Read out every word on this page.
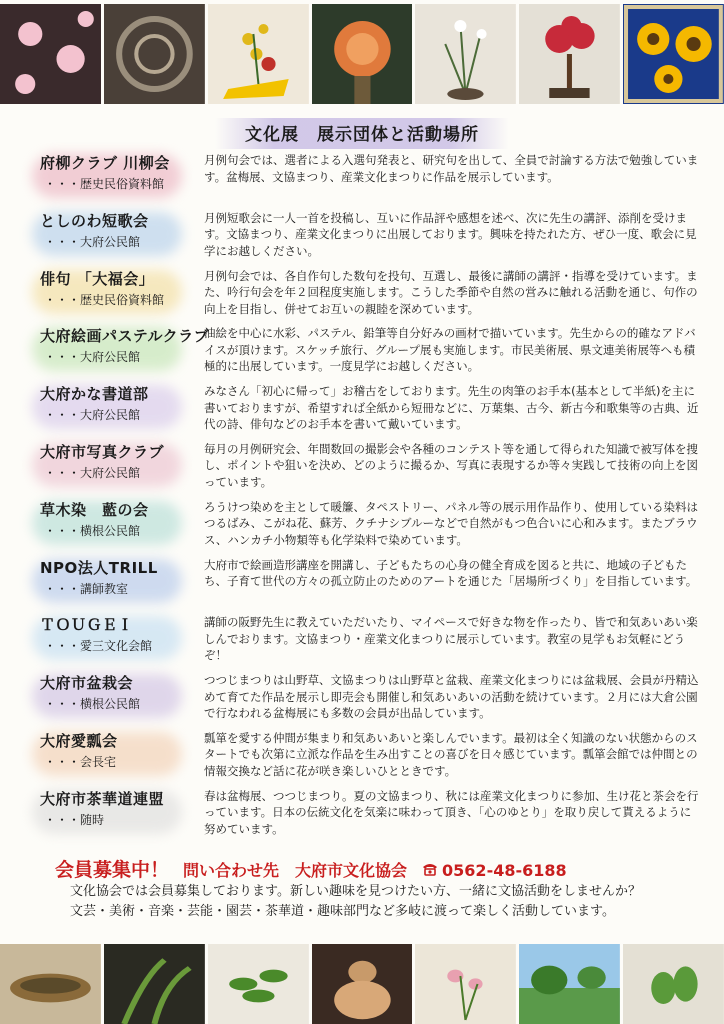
文化展　展示団体と活動場所
府柳クラブ 川柳会
・・・歴史民俗資料館
月例句会では、選者による入選句発表と、研究句を出して、全員で討論する方法で勉強しています。盆梅展、文協まつり、産業文化まつりに作品を展示しています。
としのわ短歌会
・・・大府公民館
月例短歌会に一人一首を投稿し、互いに作品評や感想を述べ、次に先生の講評、添削を受けます。文協まつり、産業文化まつりに出展しております。興味を持たれた方、ぜひ一度、歌会に見学にお越しください。
俳句 「大福会」
・・・歴史民俗資料館
月例句会では、各自作句した数句を投句、互選し、最後に講師の講評・指導を受けています。また、吟行句会を年２回程度実施します。こうした季節や自然の営みに触れる活動を通じ、句作の向上を目指し、併せてお互いの親睦を深めています。
大府絵画パステルクラブ
・・・大府公民館
油絵を中心に水彩、パステル、鉛筆等自分好みの画材で描いています。先生からの的確なアドバイスが頂けます。スケッチ旅行、グループ展も実施します。市民美術展、県文連美術展等へも積極的に出展しています。一度見学にお越しください。
大府かな書道部
・・・大府公民館
みなさん「初心に帰って」お稽古をしております。先生の肉筆のお手本(基本として半紙)を主に書いておりますが、希望すれば全紙から短冊などに、万葉集、古今、新古今和歌集等の古典、近代の詩、俳句などのお手本を書いて戴いています。
大府市写真クラブ
・・・大府公民館
毎月の月例研究会、年間数回の撮影会や各種のコンテスト等を通して得られた知識で被写体を捜し、ポイントや狙いを決め、どのように撮るか、写真に表現するか等々実践して技術の向上を図っています。
草木染　藍の会
・・・横根公民館
ろうけつ染めを主として暖簾、タペストリー、パネル等の展示用作品作り、使用している染料はつるばみ、こがね花、蘇芳、クチナシブルーなどで自然がもつ色合いに心和みます。またブラウス、ハンカチ小物類等も化学染料で染めています。
NPO法人TRILL
・・・講師教室
大府市で絵画造形講座を開講し、子どもたちの心身の健全育成を図ると共に、地域の子どもたち、子育て世代の方々の孤立防止のためのアートを通じた「居場所づくり」を目指しています。
ＴＯＵＧＥＩ
・・・愛三文化会館
講師の阪野先生に教えていただいたり、マイペースで好きな物を作ったり、皆で和気あいあい楽しんでおります。文協まつり・産業文化まつりに展示しています。教室の見学もお気軽にどうぞ！
大府市盆栽会
・・・横根公民館
つつじまつりは山野草、文協まつりは山野草と盆栽、産業文化まつりには盆栽展、会員が丹精込めて育てた作品を展示し即売会も開催し和気あいあいの活動を続けています。２月には大倉公園で行なわれる盆梅展にも多数の会員が出品しています。
大府愛瓢会
・・・会長宅
瓢箪を愛する仲間が集まり和気あいあいと楽しんでいます。最初は全く知識のない状態からのスタートでも次第に立派な作品を生み出すことの喜びを日々感じています。瓢箪会館では仲間との情報交換など話に花が咲き楽しいひとときです。
大府市茶華道連盟
・・・随時
春は盆梅展、つつじまつり。夏の文協まつり、秋には産業文化まつりに参加、生け花と茶会を行っています。日本の伝統文化を気楽に味わって頂き、「心のゆとり」を取り戻して貰えるように努めています。
会員募集中！ 問い合わせ先　大府市文化協会 0562-48-6188
文化協会では会員募集しております。新しい趣味を見つけたい方、一緒に文協活動をしませんか？
文芸・美術・音楽・芸能・園芸・茶華道・趣味部門など多岐に渡って楽しく活動しています。
